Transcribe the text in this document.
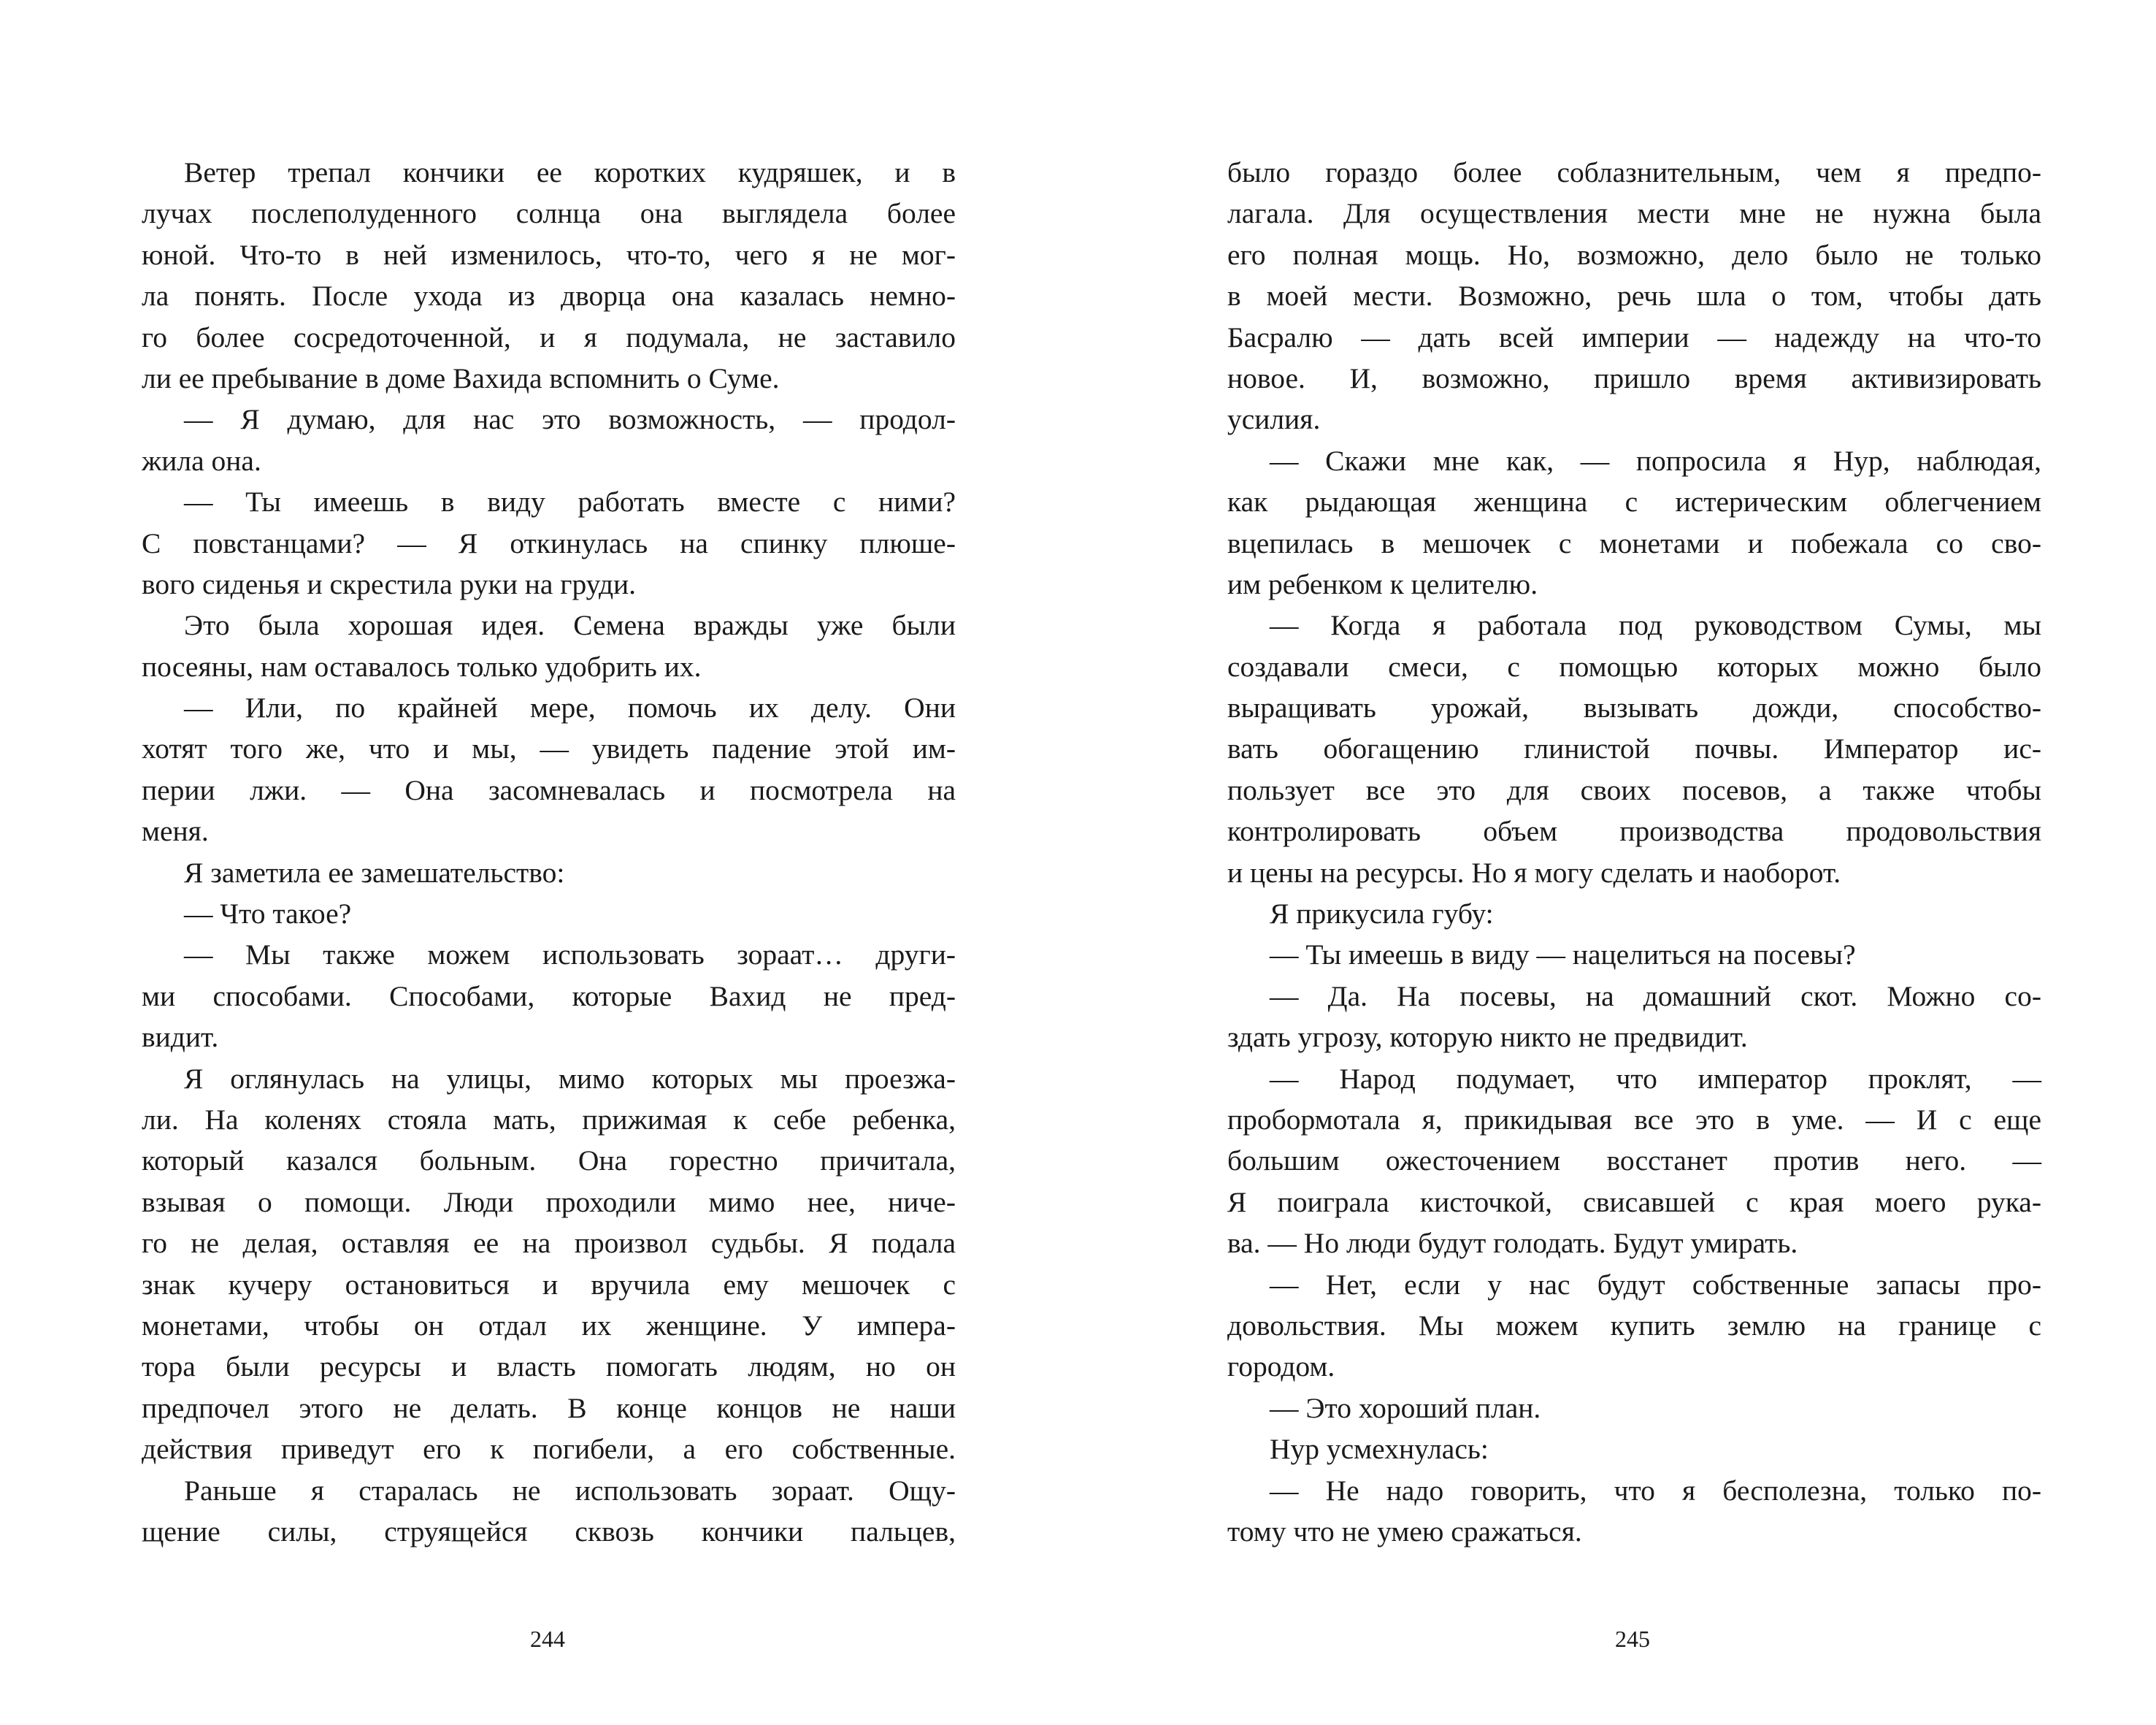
Ветер трепал кончики ее коротких кудряшек, и в
лучах послеполуденного солнца она выглядела более
юной. Что-то в ней изменилось, что-то, чего я не мог-
ла понять. После ухода из дворца она казалась немно-
го более сосредоточенной, и я подумала, не заставило
ли ее пребывание в доме Вахида вспомнить о Суме.
— Я думаю, для нас это возможность, — продол-
жила она.
— Ты имеешь в виду работать вместе с ними?
С повстанцами? — Я откинулась на спинку плюше-
вого сиденья и скрестила руки на груди.
Это была хорошая идея. Семена вражды уже были
посеяны, нам оставалось только удобрить их.
— Или, по крайней мере, помочь их делу. Они
хотят того же, что и мы, — увидеть падение этой им-
перии лжи. — Она засомневалась и посмотрела на
меня.
Я заметила ее замешательство:
— Что такое?
— Мы также можем использовать зораат… други-
ми способами. Способами, которые Вахид не пред-
видит.
Я оглянулась на улицы, мимо которых мы проезжа-
ли. На коленях стояла мать, прижимая к себе ребенка,
который казался больным. Она горестно причитала,
взывая о помощи. Люди проходили мимо нее, ниче-
го не делая, оставляя ее на произвол судьбы. Я подала
знак кучеру остановиться и вручила ему мешочек с
монетами, чтобы он отдал их женщине. У импера-
тора были ресурсы и власть помогать людям, но он
предпочел этого не делать. В конце концов не наши
действия приведут его к погибели, а его собственные.
Раньше я старалась не использовать зораат. Ощу-
щение силы, струящейся сквозь кончики пальцев,
244
было гораздо более соблазнительным, чем я предпо-
лагала. Для осуществления мести мне не нужна была
его полная мощь. Но, возможно, дело было не только
в моей мести. Возможно, речь шла о том, чтобы дать
Басралю — дать всей империи — надежду на что-то
новое. И, возможно, пришло время активизировать
усилия.
— Скажи мне как, — попросила я Нур, наблюдая,
как рыдающая женщина с истерическим облегчением
вцепилась в мешочек с монетами и побежала со сво-
им ребенком к целителю.
— Когда я работала под руководством Сумы, мы
создавали смеси, с помощью которых можно было
выращивать урожай, вызывать дожди, способство-
вать обогащению глинистой почвы. Император ис-
пользует все это для своих посевов, а также чтобы
контролировать объем производства продовольствия
и цены на ресурсы. Но я могу сделать и наоборот.
Я прикусила губу:
— Ты имеешь в виду — нацелиться на посевы?
— Да. На посевы, на домашний скот. Можно со-
здать угрозу, которую никто не предвидит.
— Народ подумает, что император проклят, —
пробормотала я, прикидывая все это в уме. — И с еще
большим ожесточением восстанет против него. —
Я поиграла кисточкой, свисавшей с края моего рука-
ва. — Но люди будут голодать. Будут умирать.
— Нет, если у нас будут собственные запасы про-
довольствия. Мы можем купить землю на границе с
городом.
— Это хороший план.
Нур усмехнулась:
— Не надо говорить, что я бесполезна, только по-
тому что не умею сражаться.
245
